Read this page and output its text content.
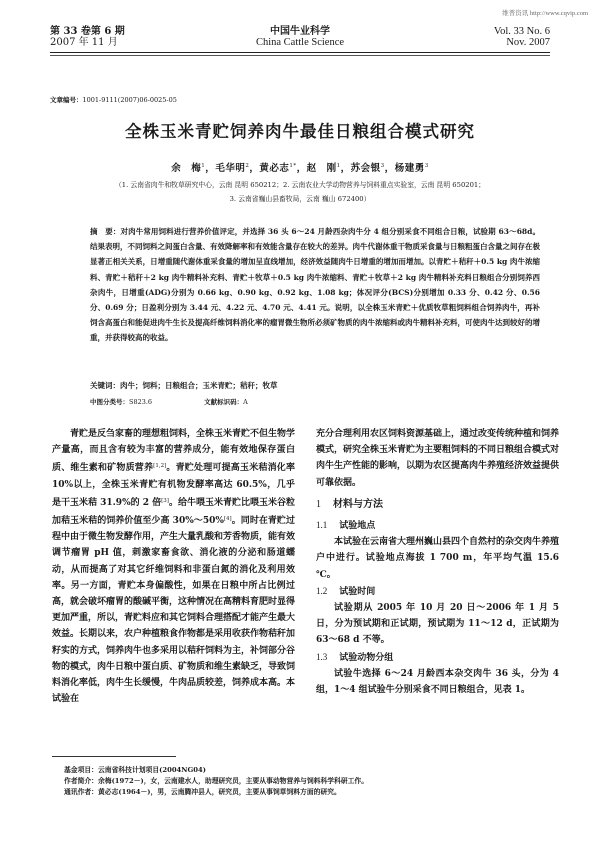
维普资讯 http://www.cqvip.com
第 33 卷第 6 期
2007 年 11 月
中国牛业科学
China Cattle Science
Vol. 33 No. 6
Nov. 2007
文章编号：1001-9111(2007)06-0025-05
全株玉米青贮饲养肉牛最佳日粮组合模式研究
余　梅$^1$，毛华明$^2$，黄必志$^{1*}$，赵　刚$^1$，苏会银$^3$，杨建勇$^3$
（1. 云南省肉牛和牧草研究中心，云南 昆明 650212；2. 云南农业大学动物营养与饲料重点实验室，云南 昆明 650201；
3. 云南省巍山县畜牧局，云南 巍山 672400）
摘　要：对肉牛常用饲料进行营养价值评定，并选择 36 头 6～24 月龄西杂肉牛分 4 组分别采食不同组合日粮，试验期 63～68d。结果表明，不同饲料之间蛋白含量、有效降解率和有效能含量存在较大的差异。肉牛代谢体重干物质采食量与日粮粗蛋白含量之间存在极显著正相关关系，日增重随代谢体重采食量的增加呈直线增加，经济效益随肉牛日增重的增加而增加。以青贮＋秸秆＋0.5 kg 肉牛浓缩料、青贮＋秸秆＋2 kg 肉牛精料补充料、青贮＋牧草＋0.5 kg 肉牛浓缩料、青贮＋牧草＋2 kg 肉牛精料补充料日粮组合分别饲养西杂肉牛，日增重(ADG)分别为 0.66 kg、0.90 kg、0.92 kg、1.08 kg；体况评分(BCS)分别增加 0.33 分、0.42 分、0.56 分、0.69 分；日盈利分别为 3.44 元、4.22 元、4.70 元、4.41 元。说明，以全株玉米青贮＋优质牧草粗饲料组合饲养肉牛，再补饲含高蛋白和能促进肉牛生长及提高纤维饲料消化率的瘤胃微生物所必须矿物质的肉牛浓缩料或肉牛精料补充料，可使肉牛达到较好的增重，并获得较高的收益。
关键词：肉牛；饲料；日粮组合；玉米青贮；秸秆；牧草
中图分类号：S823.6	文献标识码：A

青贮是反刍家畜的理想粗饲料，全株玉米青贮不但生物学产量高，而且含有较为丰富的营养成分，能有效地保存蛋白质、维生素和矿物质营养[1,2]。青贮处理可提高玉米秸消化率 10%以上，全株玉米青贮有机物发酵率高达 60.5%，几乎是干玉米秸 31.9%的 2 倍[3]。给牛喂玉米青贮比喂玉米谷粒加秸玉米秸的饲养价值至少高 30%～50%[4]。同时在青贮过程中由于微生物发酵作用，产生大量乳酸和芳香物质，能有效调节瘤胃 pH 值，刺激家畜食欲、消化液的分泌和肠道蠕动，从而提高了对其它纤维饲料和非蛋白氮的消化及利用效率。另一方面，青贮本身偏酸性，如果在日粮中所占比例过高，就会破坏瘤胃的酸碱平衡，这种情况在高精料育肥时显得更加严重，所以，青贮料应和其它饲料合理搭配才能产生最大效益。长期以来，农户种植粮食作物都是采用收获作物秸秆加籽实的方式，饲养肉牛也多采用以秸秆饲料为主，补饲部分谷物的模式，肉牛日粮中蛋白质、矿物质和维生素缺乏，导致饲料消化率低，肉牛生长缓慢，牛肉品质较差，饲养成本高。本试验在

充分合理利用农区饲料资源基础上，通过改变传统种植和饲养模式，研究全株玉米青贮为主要粗饲料的不同日粮组合模式对肉牛生产性能的影响，以期为农区提高肉牛养殖经济效益提供可靠依据。

1 材料与方法

1.1 试验地点

本试验在云南省大理州巍山县四个自然村的杂交肉牛养殖户中进行。试验地点海拔 1 700 m，年平均气温 15.6 ℃。

1.2 试验时间

试验期从 2005 年 10 月 20 日～2006 年 1 月 5 日，分为预试期和正试期，预试期为 11～12 d，正试期为 63～68 d 不等。

1.3 试验动物分组

试验牛选择 6～24 月龄西本杂交肉牛 36 头，分为 4 组，1～4 组试验牛分别采食不同日粮组合，见表 1。

基金项目：云南省科技计划项目(2004NG04)
作者简介：余梅(1972－)，女，云南建水人，助理研究员，主要从事动物营养与饲料科学科研工作。
通讯作者：黄必志(1964－)，男，云南腾冲县人，研究员，主要从事饲草饲料方面的研究。
